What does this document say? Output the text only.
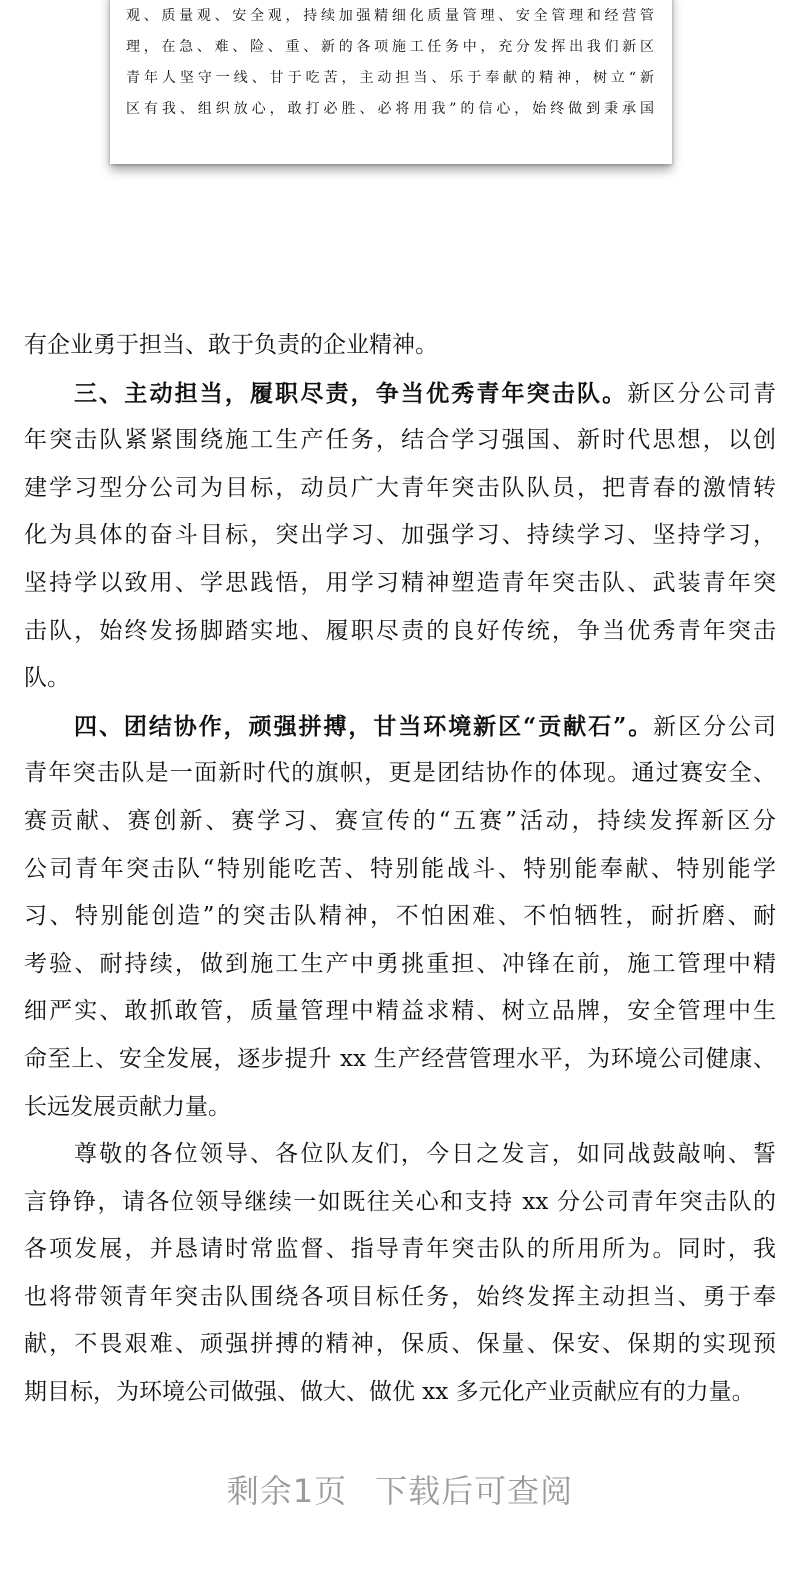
观、质量观、安全观，持续加强精细化质量管理、安全管理和经营管
理，在急、难、险、重、新的各项施工任务中，充分发挥出我们新区
青年人坚守一线、甘于吃苦，主动担当、乐于奉献的精神，树立“新
区有我、组织放心，敢打必胜、必将用我”的信心，始终做到秉承国
有企业勇于担当、敢于负责的企业精神。
三、主动担当，履职尽责，争当优秀青年突击队。新区分公司青
年突击队紧紧围绕施工生产任务，结合学习强国、新时代思想，以创
建学习型分公司为目标，动员广大青年突击队队员，把青春的激情转
化为具体的奋斗目标，突出学习、加强学习、持续学习、坚持学习，
坚持学以致用、学思践悟，用学习精神塑造青年突击队、武装青年突
击队，始终发扬脚踏实地、履职尽责的良好传统，争当优秀青年突击
队。
四、团结协作，顽强拼搏，甘当环境新区“贡献石”。新区分公司
青年突击队是一面新时代的旗帜，更是团结协作的体现。通过赛安全、
赛贡献、赛创新、赛学习、赛宣传的“五赛”活动，持续发挥新区分
公司青年突击队“特别能吃苦、特别能战斗、特别能奉献、特别能学
习、特别能创造”的突击队精神，不怕困难、不怕牺牲，耐折磨、耐
考验、耐持续，做到施工生产中勇挑重担、冲锋在前，施工管理中精
细严实、敢抓敢管，质量管理中精益求精、树立品牌，安全管理中生
命至上、安全发展，逐步提升 xx 生产经营管理水平，为环境公司健康、
长远发展贡献力量。
尊敬的各位领导、各位队友们，今日之发言，如同战鼓敲响、誓
言铮铮，请各位领导继续一如既往关心和支持 xx 分公司青年突击队的
各项发展，并恳请时常监督、指导青年突击队的所用所为。同时，我
也将带领青年突击队围绕各项目标任务，始终发挥主动担当、勇于奉
献，不畏艰难、顽强拼搏的精神，保质、保量、保安、保期的实现预
期目标，为环境公司做强、做大、做优 xx 多元化产业贡献应有的力量。
剩余1页 下载后可查阅
